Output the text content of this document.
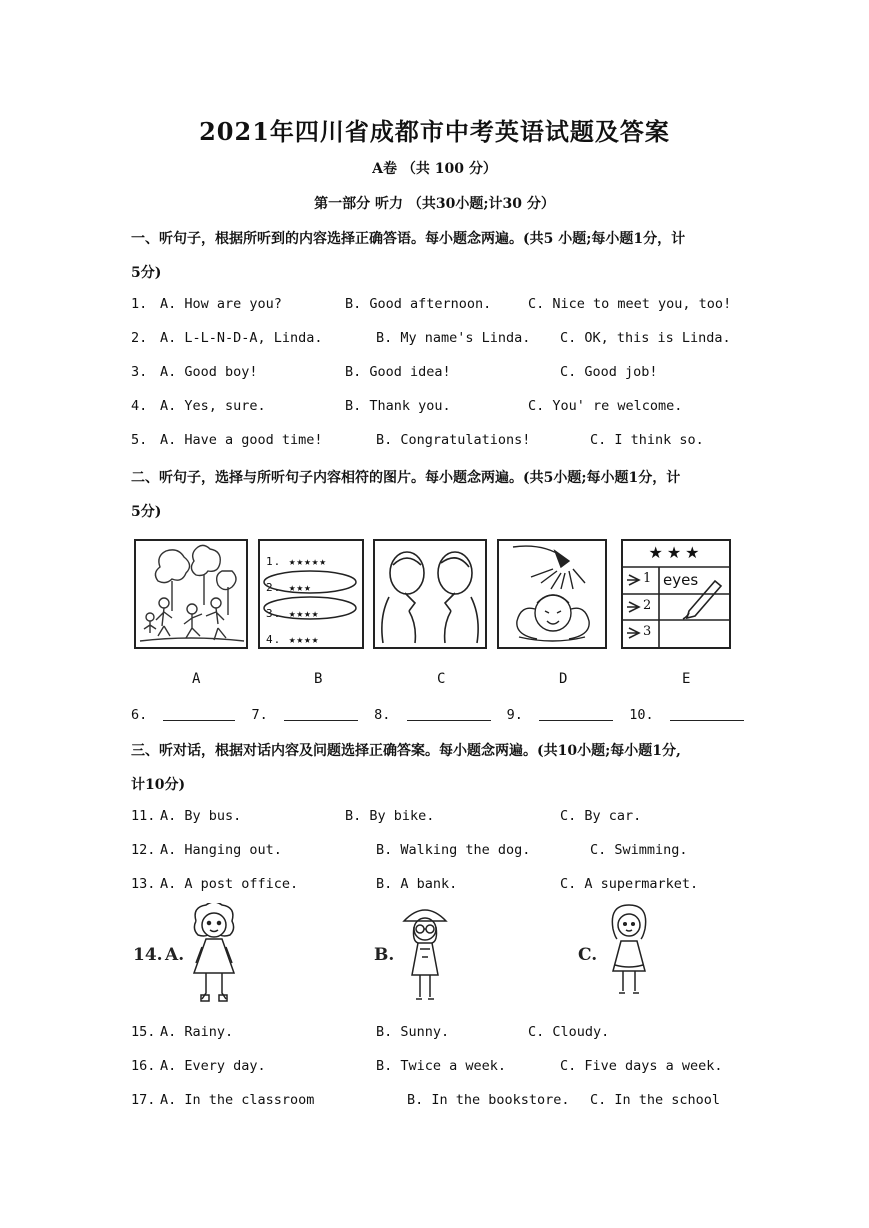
2021年四川省成都市中考英语试题及答案
A卷 （共 100 分）
第一部分 听力 （共30小题;计30 分）
一、听句子，根据所听到的内容选择正确答语。每小题念两遍。(共5 小题;每小题1分，计
5分)
1. A. How are you?	B. Good afternoon.	C. Nice to meet you, too!
2. A. L-L-N-D-A, Linda.	B. My name's Linda. C. OK, this is Linda.
3. A. Good boy!	B. Good idea!	C. Good job!
4. A. Yes, sure.	B. Thank you.	C. You' re welcome.
5. A. Have a good time!	B. Congratulations!	C. I think so.
二、听句子，选择与所听句子内容相符的图片。每小题念两遍。(共5小题;每小题1分，计
5分)
1. ★★★★★
2. ★★★
3. ★★★★
4. ★★★★
★★★
1
2
3
eyes
A	B	C	D	E
6.	7.	8.	9.	10.
三、听对话，根据对话内容及问题选择正确答案。每小题念两遍。(共10小题;每小题1分,
计10分)
11. A. By bus.	B. By bike.	C. By car.
12. A. Hanging out.	B. Walking the dog.	C. Swimming.
13. A. A post office.	B. A bank.	C. A supermarket.
14. A.	B.	C.
15. A. Rainy.	B. Sunny.	C. Cloudy.
16. A. Every day.	B. Twice a week.	C. Five days a week.
17. A. In the classroom	B. In the bookstore. C. In the school
